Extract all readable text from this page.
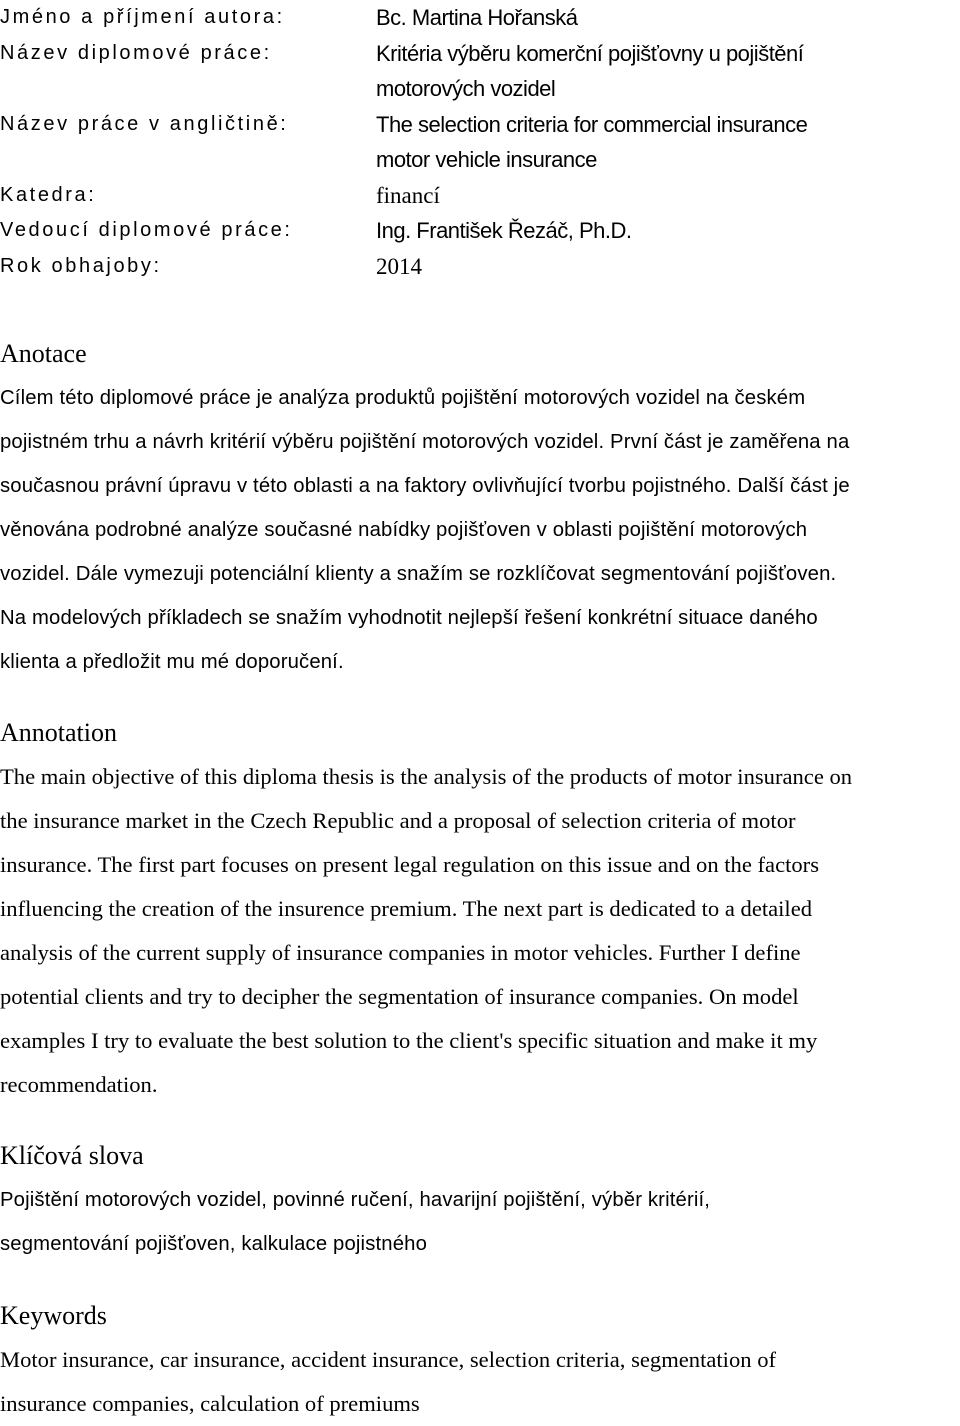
Jméno a příjmení autora:	Bc. Martina Hořanská
Název diplomové práce:	Kritéria výběru komerční pojišťovny u pojištění
motorových vozidel
Název práce v angličtině:	The selection criteria for commercial insurance
motor vehicle insurance
Katedra:	financí
Vedoucí diplomové práce:	Ing. František Řezáč, Ph.D.
Rok obhajoby:	2014
Anotace
Cílem této diplomové práce je analýza produktů pojištění motorových vozidel na českém
pojistném trhu a návrh kritérií výběru pojištění motorových vozidel. První část je zaměřena na
současnou právní úpravu v této oblasti a na faktory ovlivňující tvorbu pojistného. Další část je
věnována podrobné analýze současné nabídky pojišťoven v oblasti pojištění motorových
vozidel. Dále vymezuji potenciální klienty a snažím se rozklíčovat segmentování pojišťoven.
Na modelových příkladech se snažím vyhodnotit nejlepší řešení konkrétní situace daného
klienta a předložit mu mé doporučení.
Annotation
The main objective of this diploma thesis is the analysis of the products of motor insurance on
the insurance market in the Czech Republic and a proposal of selection criteria of motor
insurance. The first part focuses on present legal regulation on this issue and on the factors
influencing the creation of the insurence premium. The next part is dedicated to a detailed
analysis of the current supply of insurance companies in motor vehicles. Further I define
potential clients and try to decipher the segmentation of insurance companies. On model
examples I try to evaluate the best solution to the client's specific situation and make it my
recommendation.
Klíčová slova
Pojištění motorových vozidel, povinné ručení, havarijní pojištění, výběr kritérií,
segmentování pojišťoven, kalkulace pojistného
Keywords
Motor insurance, car insurance, accident insurance, selection criteria, segmentation of
insurance companies, calculation of premiums
